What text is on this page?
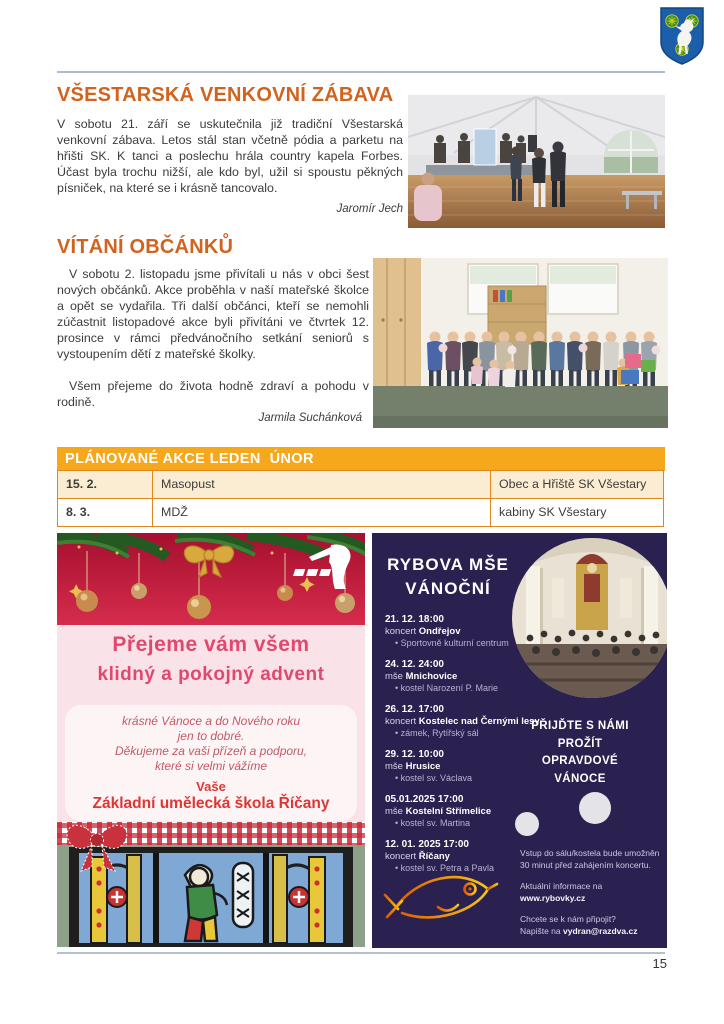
VŠESTARSKÁ VENKOVNÍ ZÁBAVA
V sobotu 21. září se uskutečnila již tradiční Všestarská venkovní zábava. Letos stál stan včetně pódia a parketu na hřišti SK. K tanci a poslechu hrála country kapela Forbes. Účast byla trochu nižší, ale kdo byl, užil si spoustu pěkných písniček, na které se i krásně tancovalo.
Jaromír Jech
VÍTÁNÍ OBČÁNKŮ
V sobotu 2. listopadu jsme přivítali u nás v obci šest nových občánků. Akce proběhla v naší mateřské školce a opět se vydařila. Tři další občánci, kteří se nemohli zúčastnit listopadové akce byli přivítáni ve čtvrtek 12. prosince v rámci předvánočního setkání seniorů s vystoupením dětí z mateřské školky.
Všem přejeme do života hodně zdraví a pohodu v rodině.
Jarmila Suchánková
PLÁNOVANÉ AKCE LEDEN  ÚNOR
15. 2.	Masopust	Obec a Hřiště SK Všestary
8. 3.	MDŽ	kabiny SK Všestary
Přejeme vám všem
klidný a pokojný advent
krásné Vánoce a do Nového roku
jen to dobré.
Děkujeme za vaši přízeň a podporu,
které si velmi vážíme
Vaše
Základní umělecká škola Říčany
RYBOVA MŠE
VÁNOČNÍ
21. 12. 18:00
koncert Ondřejov
• Sportovně kulturní centrum
24. 12. 24:00
mše Mnichovice
• kostel Narození P. Marie
26. 12. 17:00
koncert Kostelec nad Černými lesy
• zámek, Rytířský sál
29. 12. 10:00
mše Hrusice
• kostel sv. Václava
05.01.2025 17:00
mše Kostelní Střímelice
• kostel sv. Martina
12. 01. 2025 17:00
koncert Říčany
• kostel sv. Petra a Pavla
PŘIJĎTE S NÁMI
PROŽÍT
OPRAVDOVÉ
VÁNOCE

Vstup do sálu/kostela bude umožněn 30 minut před zahájením koncertu.

Aktuální informace na
www.rybovky.cz

Chcete se k nám připojit?
Napište na vydran@razdva.cz

15
